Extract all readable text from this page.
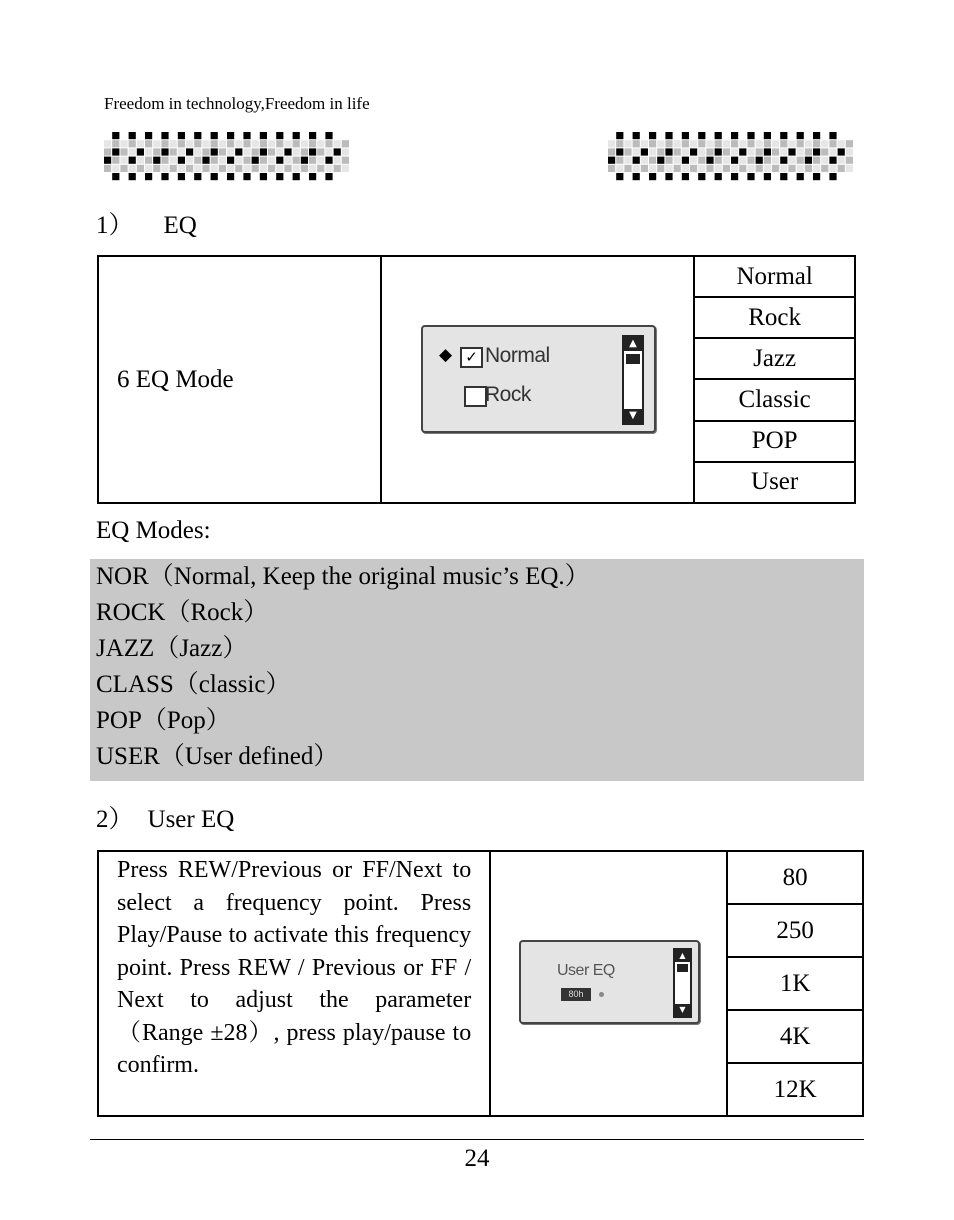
Freedom in technology,Freedom in life
1） EQ
6 EQ Mode		Normal
Rock
Jazz
Classic
POP
User
◆ ✓ Normal
Rock
▲
▼
EQ Modes:
NOR（Normal, Keep the original music’s EQ.）
ROCK（Rock）
JAZZ（Jazz）
CLASS（classic）
POP（Pop）
USER（User defined）
2） User EQ
Press REW/Previous or FF/Next to select a frequency point. Press Play/Pause to activate this frequency point. Press REW / Previous or FF / Next to adjust the parameter（Range ±28）, press play/pause to confirm.		80
250
1K
4K
12K
User EQ
80h
▲
▼
24
